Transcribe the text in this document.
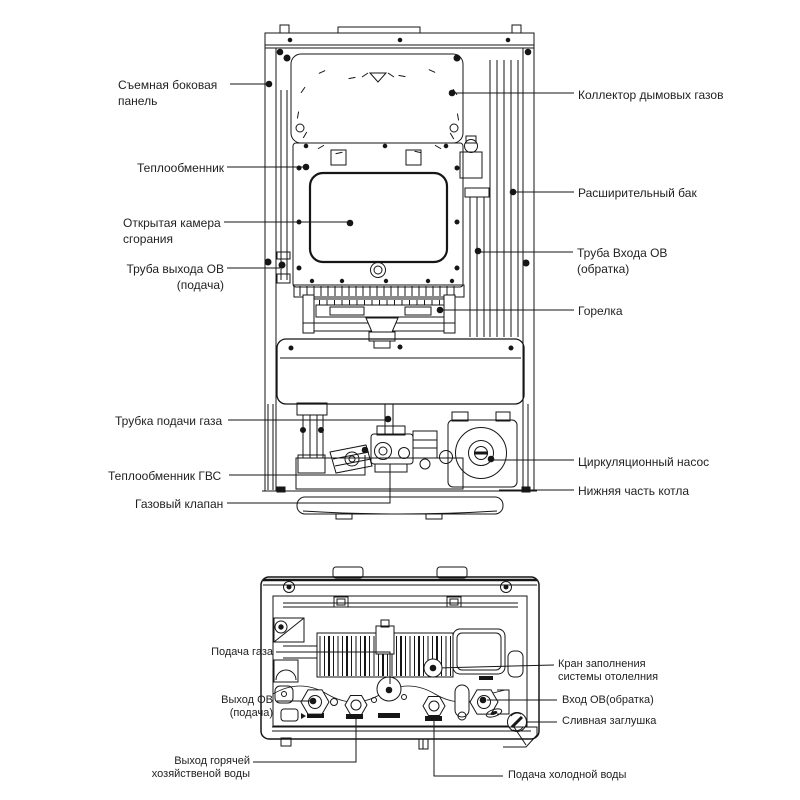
Съемная боковая
панель
Теплообменник
Открытая камера
сгорания
Труба выхода ОВ
(подача)
Трубка подачи газа
Теплообменник ГВС
Газовый клапан
Коллектор дымовых газов
Расширительный бак
Труба Входа ОВ
(обратка)
Горелка
Циркуляционный насос
Нижняя часть котла
Подача газа
Выход ОВ
(подача)
Выход горячей
хозяйственой воды
Кран заполнения
системы отолелния
Вход ОВ(обратка)
Сливная заглушка
Подача холодной воды
